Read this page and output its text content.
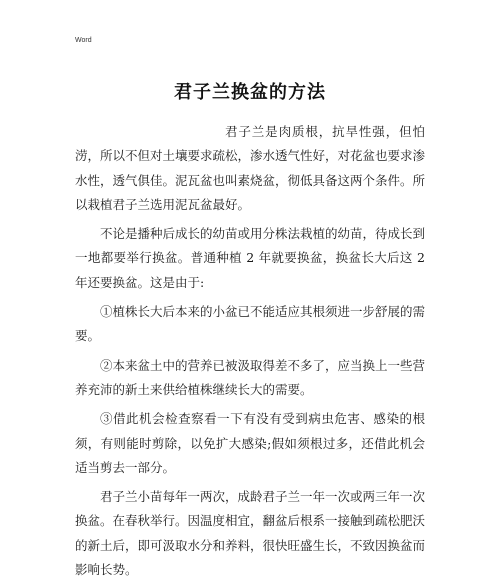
Word
君子兰换盆的方法

君子兰是肉质根，抗旱性强，但怕涝，所以不但对土壤要求疏松，渗水透气性好，对花盆也要求渗水性，透气俱佳。泥瓦盆也叫素烧盆，彻低具备这两个条件。所以栽植君子兰选用泥瓦盆最好。

不论是播种后成长的幼苗或用分株法栽植的幼苗，待成长到一地都要举行换盆。普通种植 2 年就要换盆，换盆长大后这 2 年还要换盆。这是由于:

①植株长大后本来的小盆已不能适应其根须进一步舒展的需要。

②本来盆土中的营养已被汲取得差不多了，应当换上一些营养充沛的新土来供给植株继续长大的需要。

③借此机会检查察看一下有没有受到病虫危害、感染的根须，有则能时剪除，以免扩大感染;假如须根过多，还借此机会适当剪去一部分。

君子兰小苗每年一两次，成龄君子兰一年一次或两三年一次换盆。在春秋举行。因温度相宜，翻盆后根系一接触到疏松肥沃的新土后，即可汲取水分和养料，很快旺盛生长，不致因换盆而影响长势。
